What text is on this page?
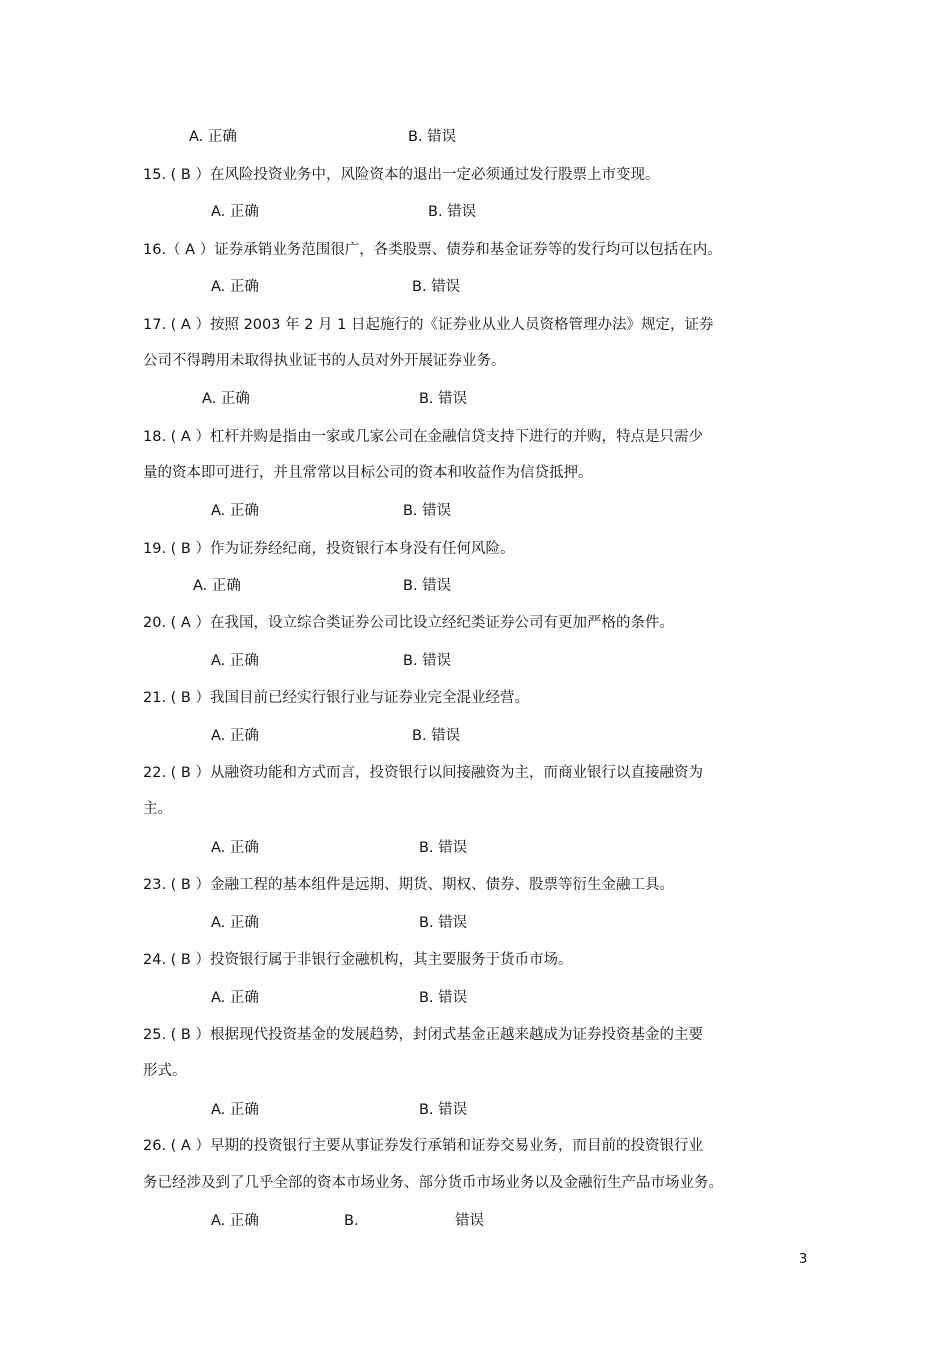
A. 正确	B. 错误
15. ( B ）在风险投资业务中，风险资本的退出一定必须通过发行股票上市变现。
A. 正确	B. 错误
16.（ A ）证券承销业务范围很广，各类股票、债券和基金证券等的发行均可以包括在内。
A. 正确	B. 错误
17. ( A ）按照 2003 年 2 月 1 日起施行的《证券业从业人员资格管理办法》规定，证券
公司不得聘用未取得执业证书的人员对外开展证券业务。
A. 正确	B. 错误
18. ( A ）杠杆并购是指由一家或几家公司在金融信贷支持下进行的并购，特点是只需少
量的资本即可进行，并且常常以目标公司的资本和收益作为信贷抵押。
A. 正确	B. 错误
19. ( B ）作为证券经纪商，投资银行本身没有任何风险。
A. 正确	B. 错误
20. ( A ）在我国，设立综合类证券公司比设立经纪类证券公司有更加严格的条件。
A. 正确	B. 错误
21. ( B ）我国目前已经实行银行业与证券业完全混业经营。
A. 正确	B. 错误
22. ( B ）从融资功能和方式而言，投资银行以间接融资为主，而商业银行以直接融资为
主。
A. 正确	B. 错误
23. ( B ）金融工程的基本组件是远期、期货、期权、债券、股票等衍生金融工具。
A. 正确	B. 错误
24. ( B ）投资银行属于非银行金融机构，其主要服务于货币市场。
A. 正确	B. 错误
25. ( B ）根据现代投资基金的发展趋势，封闭式基金正越来越成为证券投资基金的主要
形式。
A. 正确	B. 错误
26. ( A ）早期的投资银行主要从事证券发行承销和证券交易业务，而目前的投资银行业
务已经涉及到了几乎全部的资本市场业务、部分货币市场业务以及金融衍生产品市场业务。
A. 正确	B.	错误
3
